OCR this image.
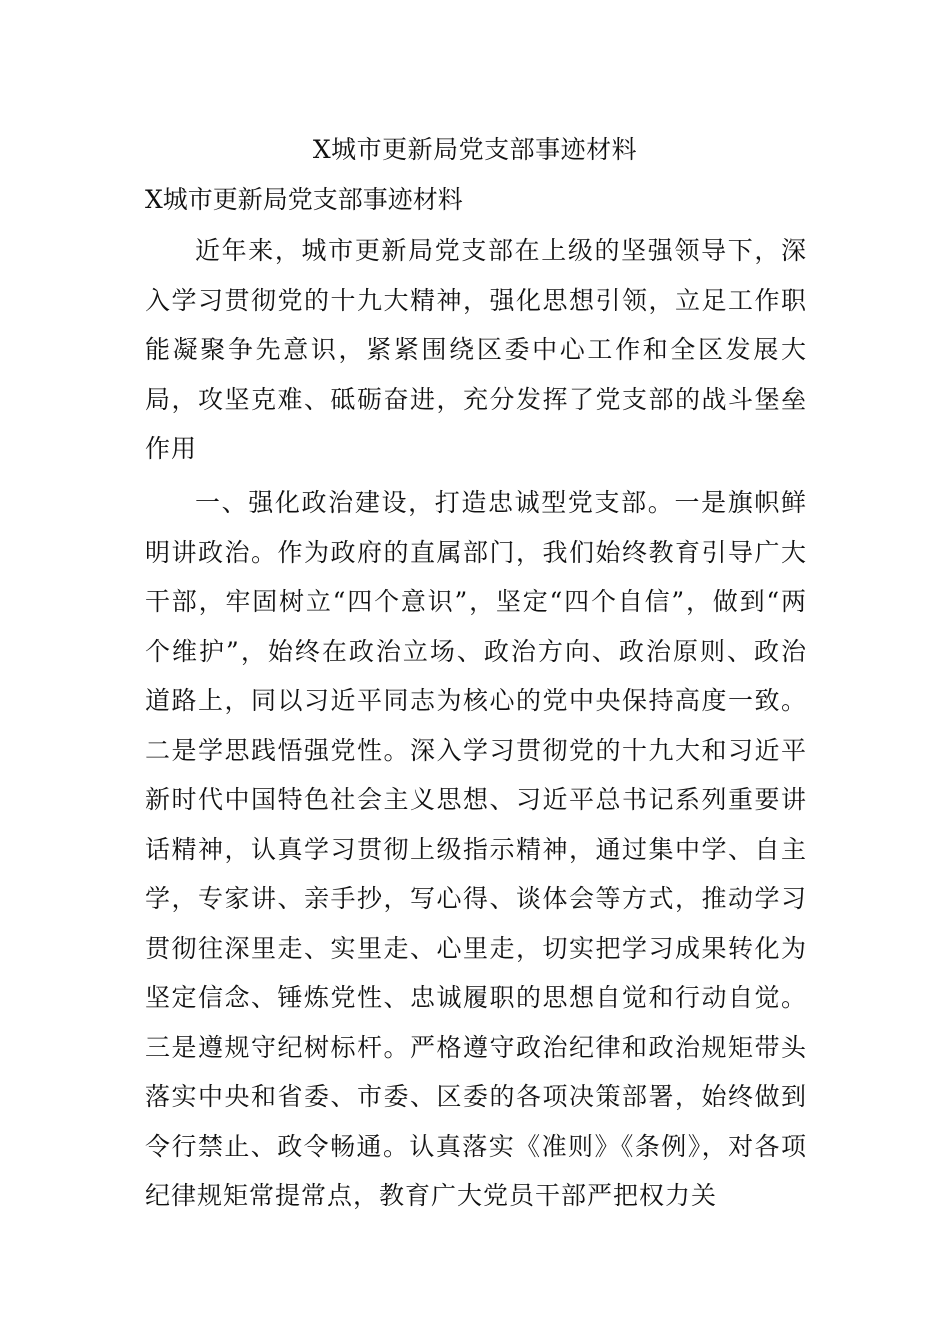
X城市更新局党支部事迹材料
X城市更新局党支部事迹材料

近年来，城市更新局党支部在上级的坚强领导下，深入学习贯彻党的十九大精神，强化思想引领，立足工作职能凝聚争先意识，紧紧围绕区委中心工作和全区发展大局，攻坚克难、砥砺奋进，充分发挥了党支部的战斗堡垒作用

一、强化政治建设，打造忠诚型党支部。一是旗帜鲜明讲政治。作为政府的直属部门，我们始终教育引导广大干部，牢固树立“四个意识”，坚定“四个自信”，做到“两个维护”，始终在政治立场、政治方向、政治原则、政治道路上，同以习近平同志为核心的党中央保持高度一致。二是学思践悟强党性。深入学习贯彻党的十九大和习近平新时代中国特色社会主义思想、习近平总书记系列重要讲话精神，认真学习贯彻上级指示精神，通过集中学、自主学，专家讲、亲手抄，写心得、谈体会等方式，推动学习贯彻往深里走、实里走、心里走，切实把学习成果转化为坚定信念、锤炼党性、忠诚履职的思想自觉和行动自觉。三是遵规守纪树标杆。严格遵守政治纪律和政治规矩带头落实中央和省委、市委、区委的各项决策部署，始终做到令行禁止、政令畅通。认真落实《准则》《条例》，对各项纪律规矩常提常点，教育广大党员干部严把权力关
